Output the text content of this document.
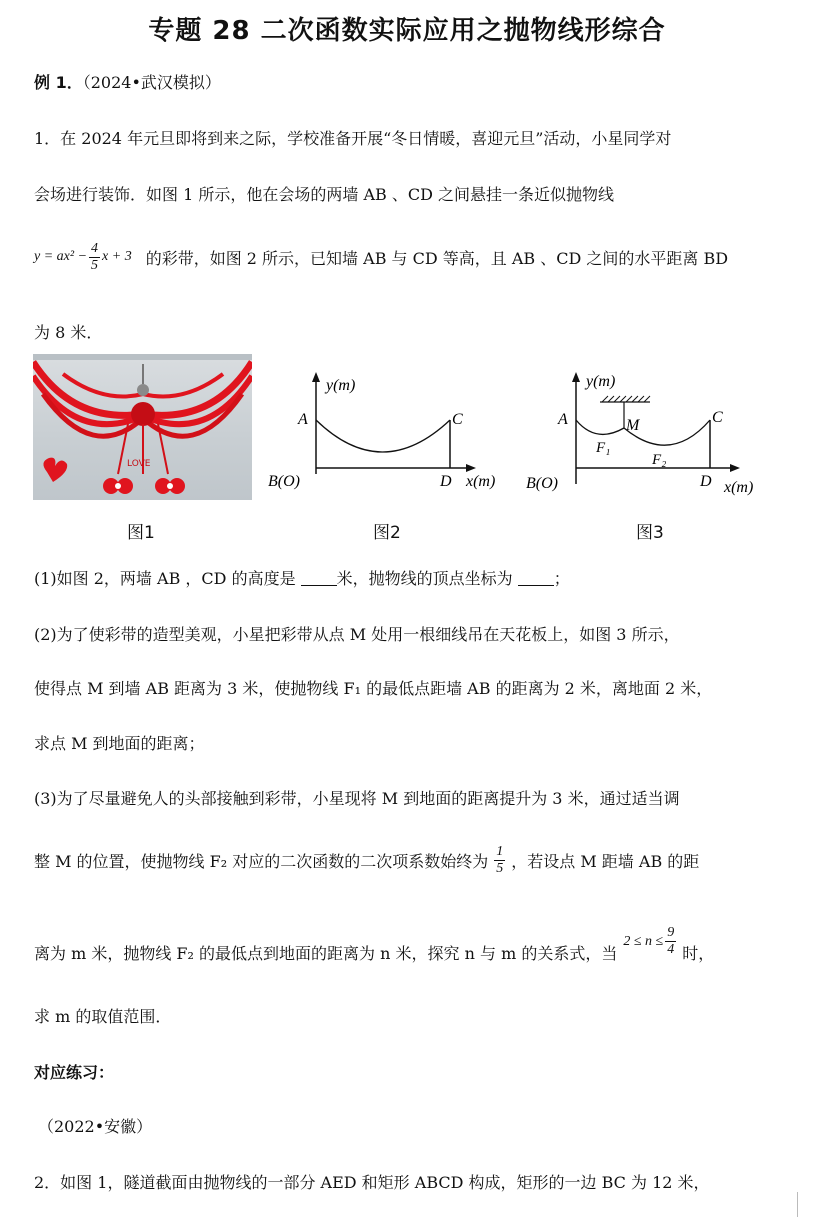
专题 28 二次函数实际应用之抛物线形综合
例 1．（2024•武汉模拟）
1．在 2024 年元旦即将到来之际，学校准备开展“冬日情暖，喜迎元旦”活动，小星同学对
会场进行装饰．如图 1 所示，他在会场的两墙 AB 、CD 之间悬挂一条近似抛物线
$y = ax^2 - \frac{4}{5}$ x + 3 的彩带，如图 2 所示，已知墙 AB 与 CD 等高，且 AB 、CD 之间的水平距离 BD
为 8 米．
LOVE
y(m)
A	C
B(O)	D x(m)
y(m)
A	M
F₁
F₂
C
B(O)	D x(m)
图1	图2	图3
(1)如图 2，两墙 AB ，CD 的高度是	米，抛物线的顶点坐标为	；
(2)为了使彩带的造型美观，小星把彩带从点 M 处用一根细线吊在天花板上，如图 3 所示，
使得点 M 到墙 AB 距离为 3 米，使抛物线 F₁ 的最低点距墙 AB 的距离为 2 米，离地面 2 米，
求点 M 到地面的距离；
(3)为了尽量避免人的头部接触到彩带，小星现将 M 到地面的距离提升为 3 米，通过适当调
整 M 的位置，使抛物线 F₂ 对应的二次函数的二次项系数始终为 $\frac{1}{5}$ ，若设点 M 距墙 AB 的距
离为 m 米，抛物线 F₂ 的最低点到地面的距离为 n 米，探究 n 与 m 的关系式，当
$2 \le n \le \frac{9}{4}$ 时，
求 m 的取值范围．
对应练习：
（2022•安徽）
2．如图 1，隧道截面由抛物线的一部分 AED 和矩形 ABCD 构成，矩形的一边 BC 为 12 米，
